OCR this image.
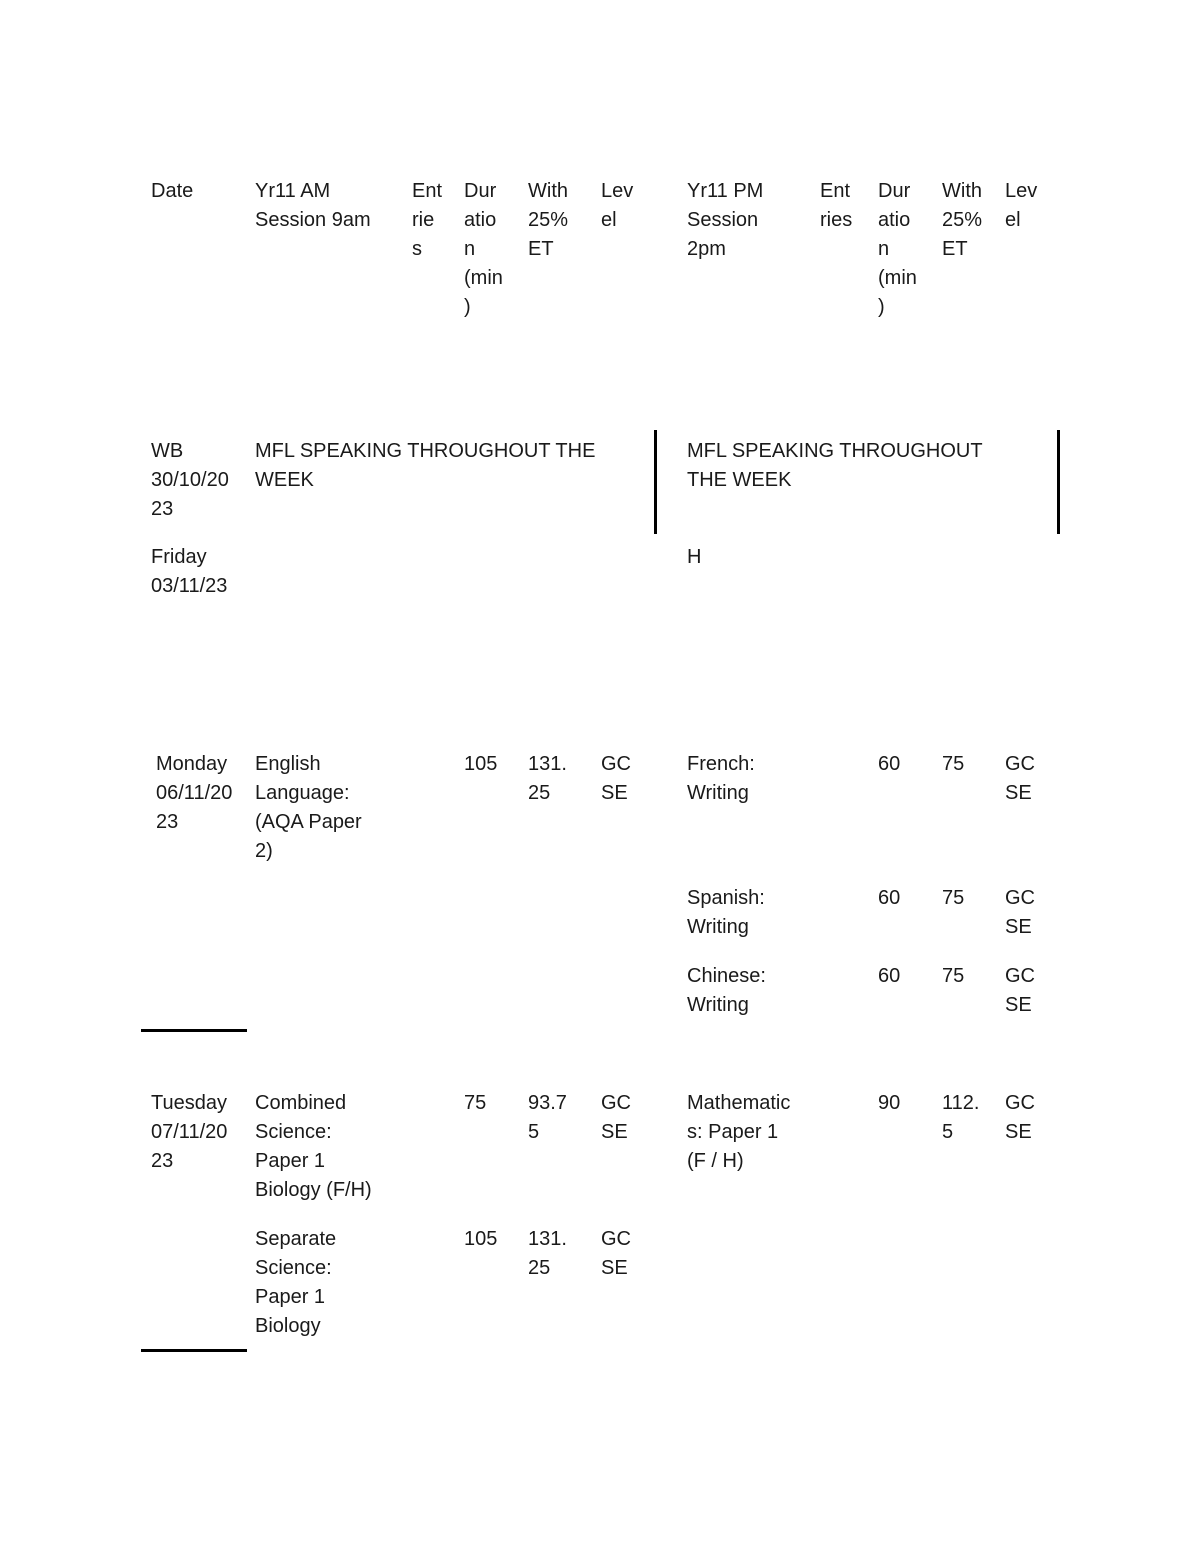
Date	Yr11 AM
Session 9am

Ent
rie
s

Dur
atio
n
(min
)

With
25%
ET

Lev
el

Yr11 PM
Session
2pm

Ent
ries

Dur
atio
n
(min
)

With
25%
ET

Lev
el

WB
30/10/20
23

MFL SPEAKING THROUGHOUT THE
WEEK

MFL SPEAKING THROUGHOUT
THE WEEK

Friday
03/11/23

H

Monday
06/11/20
23

English
Language:
(AQA Paper
2)

105 131.
25

GC
SE

French:
Writing

60 75 GC
SE

Spanish:
Writing

60 75 GC
SE

Chinese:
Writing

60 75 GC
SE

Tuesday
07/11/20
23

Combined
Science:
Paper 1
Biology (F/H)

75 93.7
5

GC
SE

Mathematic
s: Paper 1
(F / H)

90 112.
5

GC
SE

Separate
Science:
Paper 1
Biology

105 131.
25

GC
SE
